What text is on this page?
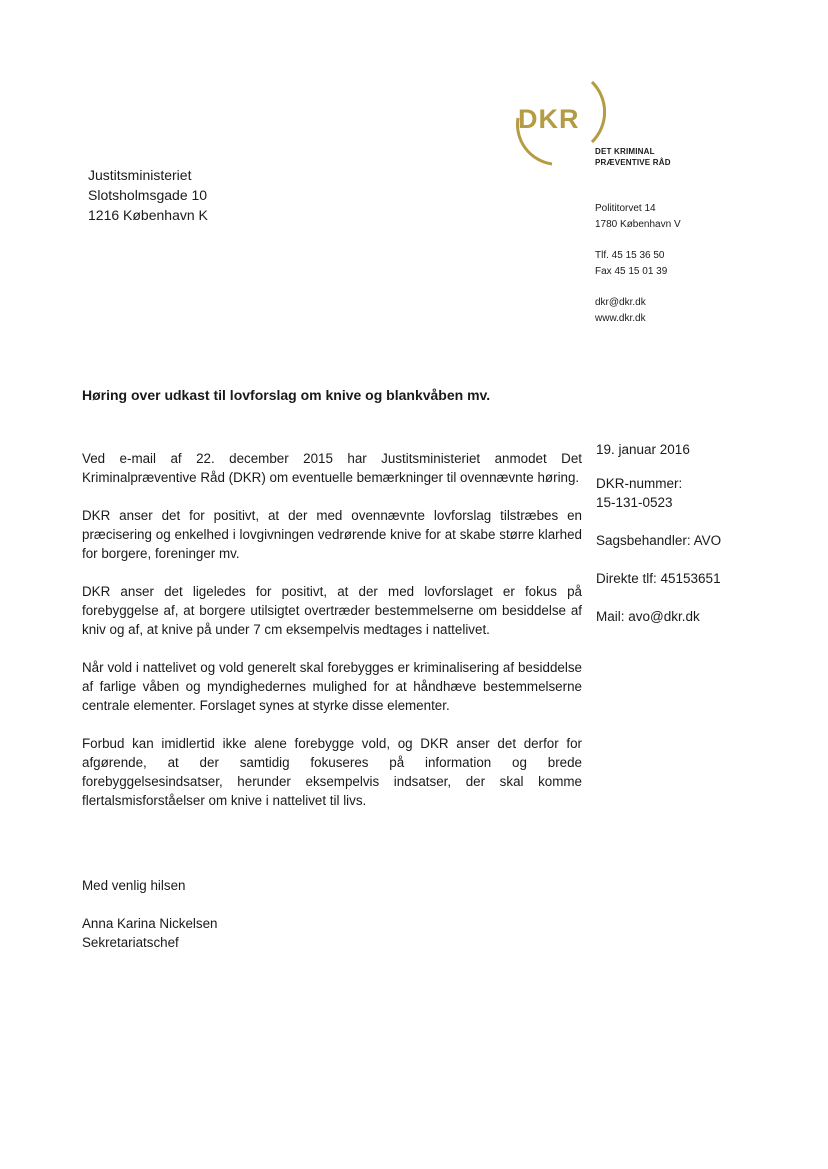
DKR
DET KRIMINAL
PRÆVENTIVE RÅD
Justitsministeriet
Slotsholmsgade 10
1216 København K	Polititorvet 14
1780 København V
Tlf. 45 15 36 50
Fax 45 15 01 39
dkr@dkr.dk
www.dkr.dk
Høring over udkast til lovforslag om knive og blankvåben mv.

Ved e-mail af 22. december 2015 har Justitsministeriet anmodet Det Kriminalpræventive Råd (DKR) om eventuelle bemærkninger til ovennævnte høring.

DKR anser det for positivt, at der med ovennævnte lovforslag tilstræbes en præcisering og enkelhed i lovgivningen vedrørende knive for at skabe større klarhed for borgere, foreninger mv.

DKR anser det ligeledes for positivt, at der med lovforslaget er fokus på forebyggelse af, at borgere utilsigtet overtræder bestemmelserne om besiddelse af kniv og af, at knive på under 7 cm eksempelvis medtages i nattelivet.

Når vold i nattelivet og vold generelt skal forebygges er kriminalisering af besiddelse af farlige våben og myndighedernes mulighed for at håndhæve bestemmelserne centrale elementer. Forslaget synes at styrke disse elementer.

Forbud kan imidlertid ikke alene forebygge vold, og DKR anser det derfor for afgørende, at der samtidig fokuseres på information og brede forebyggelsesindsatser, herunder eksempelvis indsatser, der skal komme flertalsmisforståelser om knive i nattelivet til livs.

19. januar 2016
DKR-nummer:
15-131-0523
Sagsbehandler: AVO
Direkte tlf: 45153651
Mail: avo@dkr.dk
Med venlig hilsen
Anna Karina Nickelsen
Sekretariatschef
